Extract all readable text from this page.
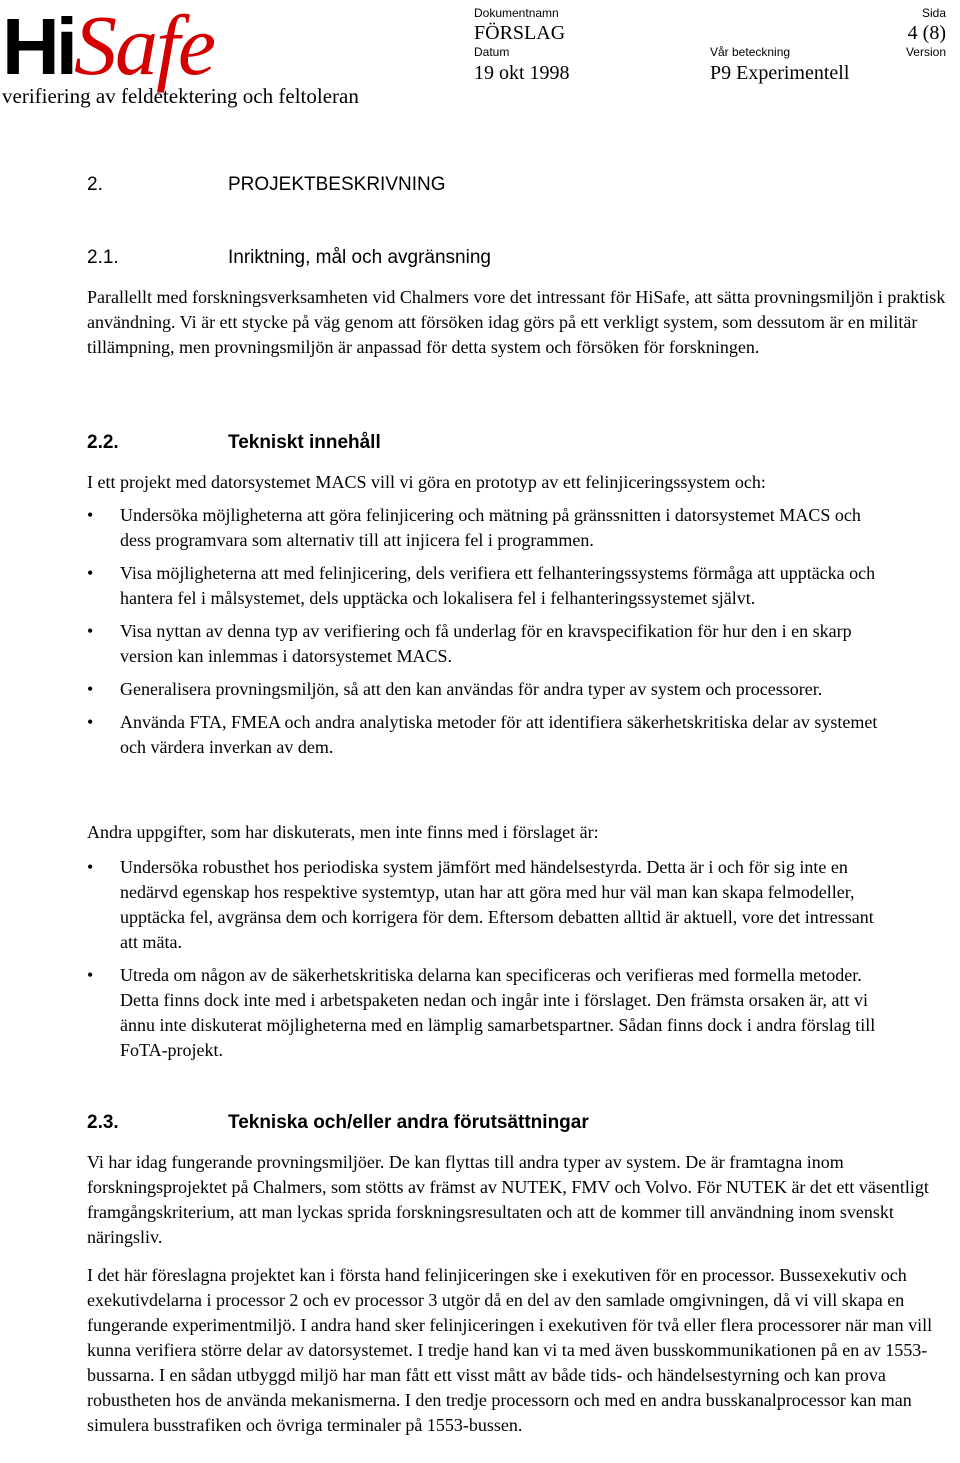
HiSafe
verifiering av feldetektering och feltoleran
Dokumentnamn
FÖRSLAG
Sida
4 (8)
Datum
19 okt 1998
Vår beteckning
P9 Experimentell
Version
2.	PROJEKTBESKRIVNING
2.1.	Inriktning, mål och avgränsning

Parallellt med forskningsverksamheten vid Chalmers vore det intressant för HiSafe, att sätta provningsmiljön i praktisk användning. Vi är ett stycke på väg genom att försöken idag görs på ett verkligt system, som dessutom är en militär tillämpning, men provningsmiljön är anpassad för detta system och försöken för forskningen.

2.2.	Tekniskt innehåll

I ett projekt med datorsystemet MACS vill vi göra en prototyp av ett felinjiceringssystem och:

• Undersöka möjligheterna att göra felinjicering och mätning på gränssnitten i datorsystemet MACS och dess programvara som alternativ till att injicera fel i programmen.
• Visa möjligheterna att med felinjicering, dels verifiera ett felhanteringssystems förmåga att upptäcka och hantera fel i målsystemet, dels upptäcka och lokalisera fel i felhanteringssystemet självt.
• Visa nyttan av denna typ av verifiering och få underlag för en kravspecifikation för hur den i en skarp version kan inlemmas i datorsystemet MACS.
• Generalisera provningsmiljön, så att den kan användas för andra typer av system och processorer.
• Använda FTA, FMEA och andra analytiska metoder för att identifiera säkerhetskritiska delar av systemet och värdera inverkan av dem.

Andra uppgifter, som har diskuterats, men inte finns med i förslaget är:

• Undersöka robusthet hos periodiska system jämfört med händelsestyrda. Detta är i och för sig inte en nedärvd egenskap hos respektive systemtyp, utan har att göra med hur väl man kan skapa felmodeller, upptäcka fel, avgränsa dem och korrigera för dem. Eftersom debatten alltid är aktuell, vore det intressant att mäta.
• Utreda om någon av de säkerhetskritiska delarna kan specificeras och verifieras med formella metoder. Detta finns dock inte med i arbetspaketen nedan och ingår inte i förslaget. Den främsta orsaken är, att vi ännu inte diskuterat möjligheterna med en lämplig samarbetspartner. Sådan finns dock i andra förslag till FoTA-projekt.
2.3.	Tekniska och/eller andra förutsättningar

Vi har idag fungerande provningsmiljöer. De kan flyttas till andra typer av system. De är framtagna inom forskningsprojektet på Chalmers, som stötts av främst av NUTEK, FMV och Volvo. För NUTEK är det ett väsentligt framgångskriterium, att man lyckas sprida forskningsresultaten och att de kommer till användning inom svenskt näringsliv.

I det här föreslagna projektet kan i första hand felinjiceringen ske i exekutiven för en processor. Bussexekutiv och exekutivdelarna i processor 2 och ev processor 3 utgör då en del av den samlade omgivningen, då vi vill skapa en fungerande experimentmiljö. I andra hand sker felinjiceringen i exekutiven för två eller flera processorer när man vill kunna verifiera större delar av datorsystemet. I tredje hand kan vi ta med även busskommunikationen på en av 1553-bussarna. I en sådan utbyggd miljö har man fått ett visst mått av både tids- och händelsestyrning och kan prova robustheten hos de använda mekanismerna. I den tredje processorn och med en andra busskanalprocessor kan man simulera busstrafiken och övriga terminaler på 1553-bussen.
